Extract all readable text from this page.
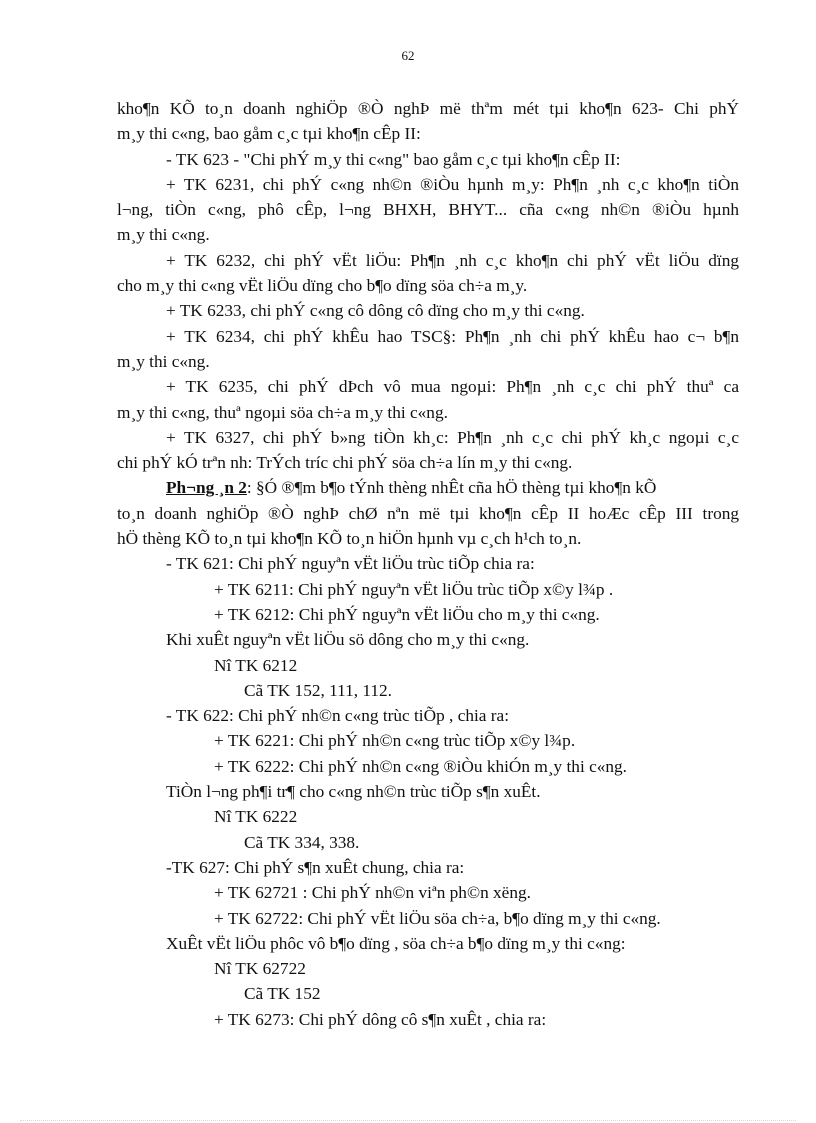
62

kho¶n KÕ to¸n doanh nghiÖp ®Ò nghÞ më thªm mét tµi kho¶n 623- Chi phÝ

m¸y thi c«ng, bao gåm c¸c tµi kho¶n cÊp II:

- TK 623 - "Chi phÝ m¸y thi c«ng" bao gåm c¸c tµi kho¶n cÊp II:

+ TK 6231, chi phÝ c«ng nh©n ®iÒu hµnh m¸y: Ph¶n ¸nh c¸c kho¶n tiÒn

l¬ng, tiÒn c«ng, phô cÊp, l¬ng BHXH, BHYT... cña c«ng nh©n ®iÒu hµnh

m¸y thi c«ng.

+ TK 6232, chi phÝ vËt liÖu: Ph¶n ¸nh c¸c kho¶n chi phÝ vËt liÖu dïng

cho m¸y thi c«ng vËt liÖu dïng cho b¶o dïng söa ch÷a m¸y.

+ TK 6233, chi phÝ c«ng cô dông cô dïng cho m¸y thi c«ng.

+ TK 6234, chi phÝ khÊu hao TSC§: Ph¶n ¸nh chi phÝ khÊu hao c¬ b¶n

m¸y thi c«ng.

+ TK 6235, chi phÝ dÞch vô mua ngoµi: Ph¶n ¸nh c¸c chi phÝ thuª ca

m¸y thi c«ng, thuª ngoµi söa ch÷a m¸y thi c«ng.

+ TK 6327, chi phÝ b»ng tiÒn kh¸c: Ph¶n ¸nh c¸c chi phÝ kh¸c ngoµi c¸c

chi phÝ kÓ trªn nh: TrÝch tríc chi phÝ söa ch÷a lín m¸y thi c«ng.

Ph¬ng ¸n 2: §Ó ®¶m b¶o tÝnh thèng nhÊt cña hÖ thèng tµi kho¶n kÕ

to¸n doanh nghiÖp ®Ò nghÞ chØ nªn më tµi kho¶n cÊp II hoÆc cÊp III trong

hÖ thèng KÕ to¸n tµi kho¶n KÕ to¸n hiÖn hµnh vµ c¸ch h¹ch to¸n.

- TK 621: Chi phÝ nguyªn vËt liÖu trùc tiÕp chia ra:

+ TK 6211: Chi phÝ nguyªn vËt liÖu trùc tiÕp x©y l¾p .

+ TK 6212: Chi phÝ nguyªn vËt liÖu cho m¸y thi c«ng.

Khi xuÊt nguyªn vËt liÖu sö dông cho m¸y thi c«ng.

Nî TK 6212

Cã TK 152, 111, 112.

- TK 622: Chi phÝ nh©n c«ng trùc tiÕp , chia ra:

+ TK 6221: Chi phÝ nh©n c«ng trùc tiÕp x©y l¾p.

+ TK 6222: Chi phÝ nh©n c«ng ®iÒu khiÓn m¸y thi c«ng.

TiÒn l¬ng ph¶i tr¶ cho c«ng nh©n trùc tiÕp s¶n xuÊt.

Nî TK 6222

Cã TK 334, 338.

-TK 627: Chi phÝ s¶n xuÊt chung, chia ra:

+ TK 62721 : Chi phÝ nh©n viªn ph©n xëng.

+ TK 62722: Chi phÝ vËt liÖu söa ch÷a, b¶o dïng m¸y thi c«ng.

XuÊt vËt liÖu phôc vô b¶o dïng , söa ch÷a b¶o dïng m¸y thi c«ng:

Nî TK 62722

Cã TK 152

+ TK 6273: Chi phÝ dông cô s¶n xuÊt , chia ra:
